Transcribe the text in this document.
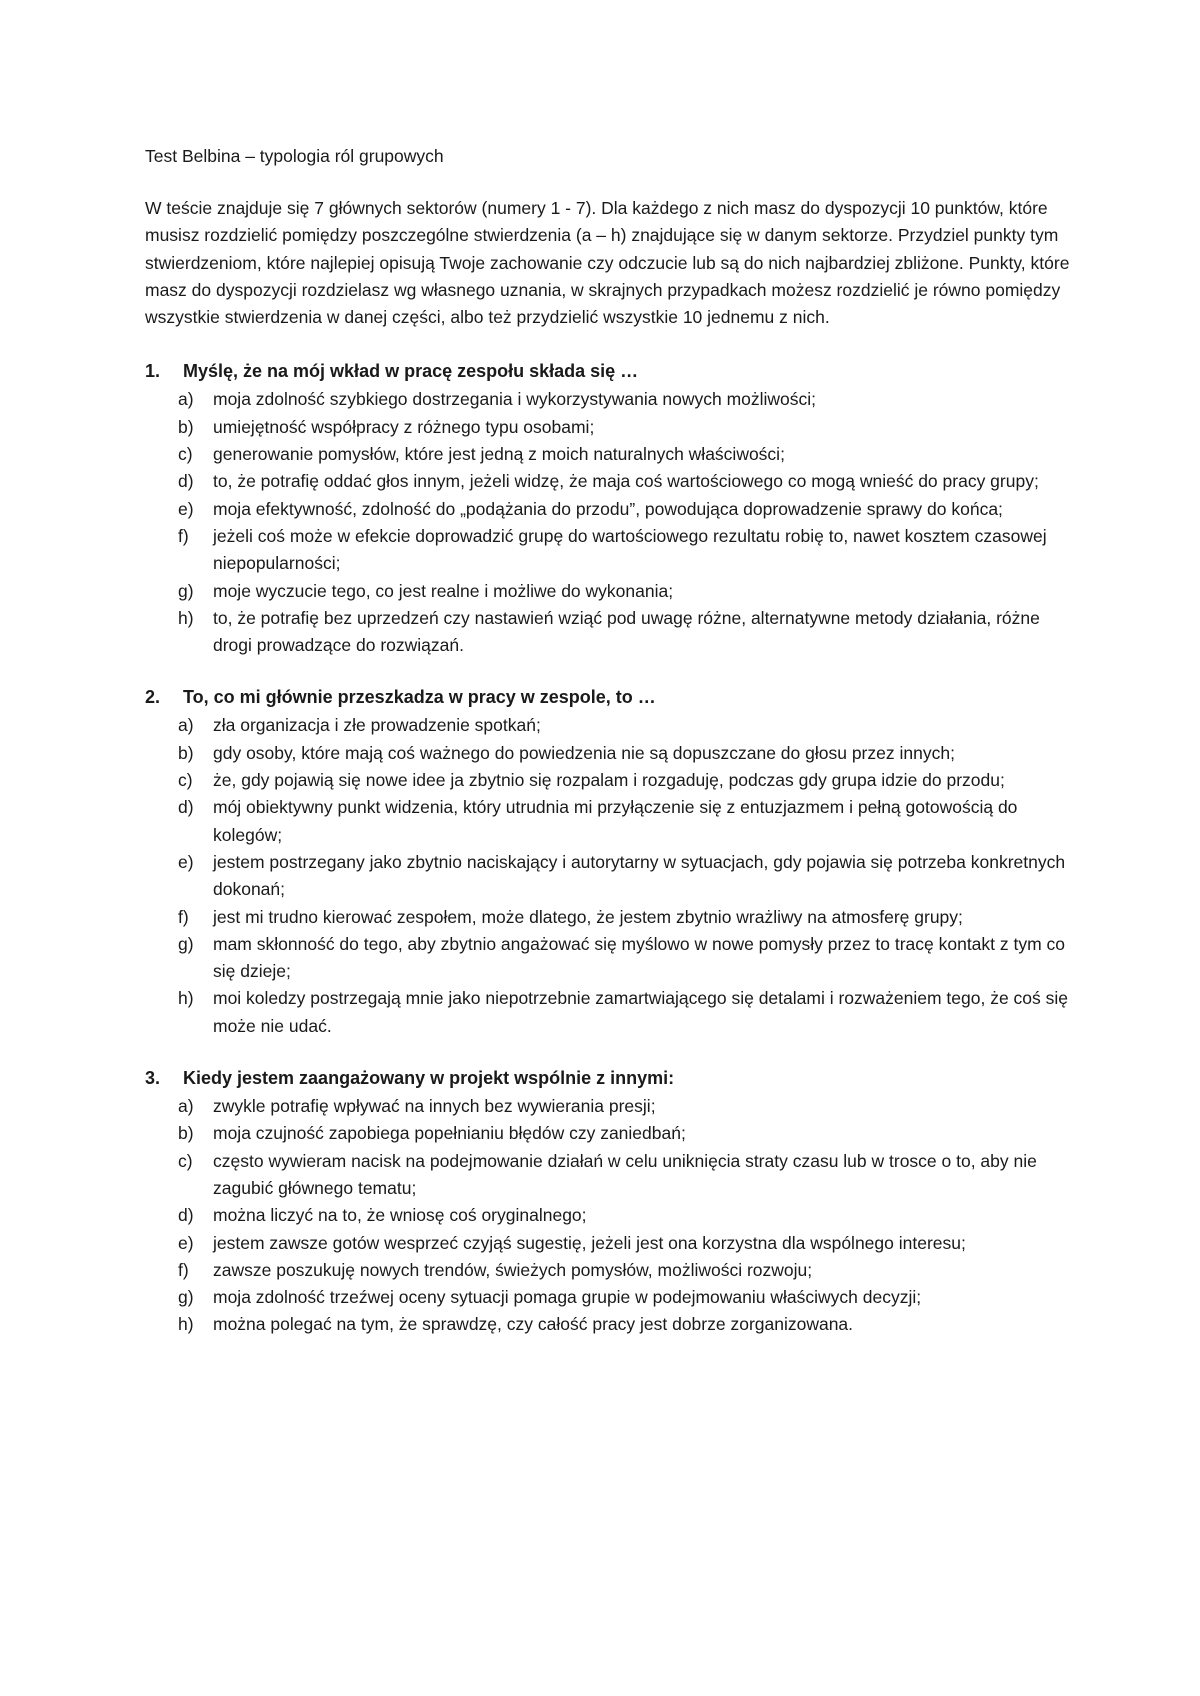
Test Belbina – typologia ról grupowych

W teście znajduje się 7 głównych sektorów (numery 1 - 7). Dla każdego z nich masz do dyspozycji 10 punktów, które musisz rozdzielić pomiędzy poszczególne stwierdzenia (a – h) znajdujące się w danym sektorze. Przydziel punkty tym stwierdzeniom, które najlepiej opisują Twoje zachowanie czy odczucie lub są do nich najbardziej zbliżone. Punkty, które masz do dyspozycji rozdzielasz wg własnego uznania, w skrajnych przypadkach możesz rozdzielić je równo pomiędzy wszystkie stwierdzenia w danej części, albo też przydzielić wszystkie 10 jednemu z nich.

1.	Myślę, że na mój wkład w pracę zespołu składa się …
a)	moja zdolność szybkiego dostrzegania i wykorzystywania nowych możliwości;
b)	umiejętność współpracy z różnego typu osobami;
c)	generowanie pomysłów, które jest jedną z moich naturalnych właściwości;
d)	to, że potrafię oddać głos innym, jeżeli widzę, że maja coś wartościowego co mogą wnieść do pracy grupy;
e)	moja efektywność, zdolność do „podążania do przodu”, powodująca doprowadzenie sprawy do końca;
f)	jeżeli coś może w efekcie doprowadzić grupę do wartościowego rezultatu robię to, nawet kosztem czasowej niepopularności;
g)	moje wyczucie tego, co jest realne i możliwe do wykonania;
h)	to, że potrafię bez uprzedzeń czy nastawień wziąć pod uwagę różne, alternatywne metody działania, różne drogi prowadzące do rozwiązań.
2.	To, co mi głównie przeszkadza w pracy w zespole, to …
a)	zła organizacja i złe prowadzenie spotkań;
b)	gdy osoby, które mają coś ważnego do powiedzenia nie są dopuszczane do głosu przez innych;
c)	że, gdy pojawią się nowe idee ja zbytnio się rozpalam i rozgaduję, podczas gdy grupa idzie do przodu;
d)	mój obiektywny punkt widzenia, który utrudnia mi przyłączenie się z entuzjazmem i pełną gotowością do kolegów;
e)	jestem postrzegany jako zbytnio naciskający i autorytarny w sytuacjach, gdy pojawia się potrzeba konkretnych dokonań;
f)	jest mi trudno kierować zespołem, może dlatego, że jestem zbytnio wrażliwy na atmosferę grupy;
g)	mam skłonność do tego, aby zbytnio angażować się myślowo w nowe pomysły przez to tracę kontakt z tym co się dzieje;
h)	moi koledzy postrzegają mnie jako niepotrzebnie zamartwiającego się detalami i rozważeniem tego, że coś się może nie udać.
3.	Kiedy jestem zaangażowany w projekt wspólnie z innymi:
a)	zwykle potrafię wpływać na innych bez wywierania presji;
b)	moja czujność zapobiega popełnianiu błędów czy zaniedbań;
c)	często wywieram nacisk na podejmowanie działań w celu uniknięcia straty czasu lub w trosce o to, aby nie zagubić głównego tematu;
d)	można liczyć na to, że wniosę coś oryginalnego;
e)	jestem zawsze gotów wesprzeć czyjąś sugestię, jeżeli jest ona korzystna dla wspólnego interesu;
f)	zawsze poszukuję nowych trendów, świeżych pomysłów, możliwości rozwoju;
g)	moja zdolność trzeźwej oceny sytuacji pomaga grupie w podejmowaniu właściwych decyzji;
h)	można polegać na tym, że sprawdzę, czy całość pracy jest dobrze zorganizowana.
